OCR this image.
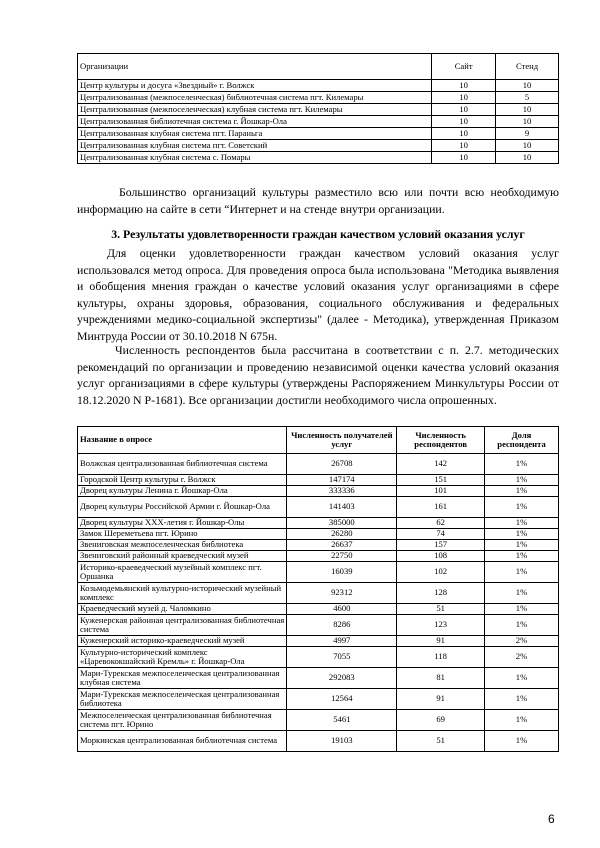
Организации	Сайт	Стенд
Центр культуры и досуга «Звездный» г. Волжск	10	10
Централизованная (межпоселенческая) библиотечная система пгт. Килемары	10	5
Централизованная (межпоселенческая) клубная система пгт. Килемары	10	10
Централизованная библиотечная система г. Йошкар-Ола	10	10
Централизованная клубная система пгт. Параньга	10	9
Централизованная клубная система пгт. Советский	10	10
Централизованная клубная система с. Помары	10	10
Большинство организаций культуры разместило всю или почти всю необходимую информацию на сайте в сети “Интернет и на стенде внутри организации.
3. Результаты удовлетворенности граждан качеством условий оказания услуг
Для оценки удовлетворенности граждан качеством условий оказания услуг использовался метод опроса. Для проведения опроса была использована "Методика выявления и обобщения мнения граждан о качестве условий оказания услуг организациями в сфере культуры, охраны здоровья, образования, социального обслуживания и федеральных учреждениями медико-социальной экспертизы" (далее - Методика), утвержденная Приказом Минтруда России от 30.10.2018 N 675н.
Численность респондентов была рассчитана в соответствии с п. 2.7. методических рекомендаций по организации и проведению независимой оценки качества условий оказания услуг организациями в сфере культуры (утверждены Распоряжением Минкультуры России от 18.12.2020 N Р-1681). Все организации достигли необходимого числа опрошенных.
Название в опросе	Численность получателей услуг	Численность респондентов	Доля респондента
Волжская централизованная библиотечная система	26708	142	1%
Городской Центр культуры г. Волжск	147174	151	1%
Дворец культуры Ленина г. Йошкар-Ола	333336	101	1%
Дворец культуры Российской Армии г. Йошкар-Ола	141403	161	1%
Дворец культуры XXX-летия г. Йошкар-Олы	385000	62	1%
Замок Шереметьева пгт. Юрино	26280	74	1%
Звениговская межпоселенческая библиотека	26637	157	1%
Звениговский районный краеведческий музей	22750	108	1%
Историко-краеведческий музейный комплекс пгт. Оршанка	16039	102	1%
Козьмодемьянский культурно-исторический музейный комплекс	92312	128	1%
Краеведческий музей д. Чаломкино	4600	51	1%
Куженерская районная централизованная библиотечная система	8286	123	1%
Куженерский историко-краеведческий музей	4997	91	2%
Культурно-исторический комплекс «Царевококшайский Кремль» г. Йошкар-Ола	7055	118	2%
Мари-Турекская межпоселенческая централизованная клубная система	292083	81	1%
Мари-Турекская межпоселенческая централизованная библиотека	12564	91	1%
Межпоселенческая централизованная библиотечная система пгт. Юрино	5461	69	1%
Моркинская централизованная библиотечная система	19103	51	1%
6
